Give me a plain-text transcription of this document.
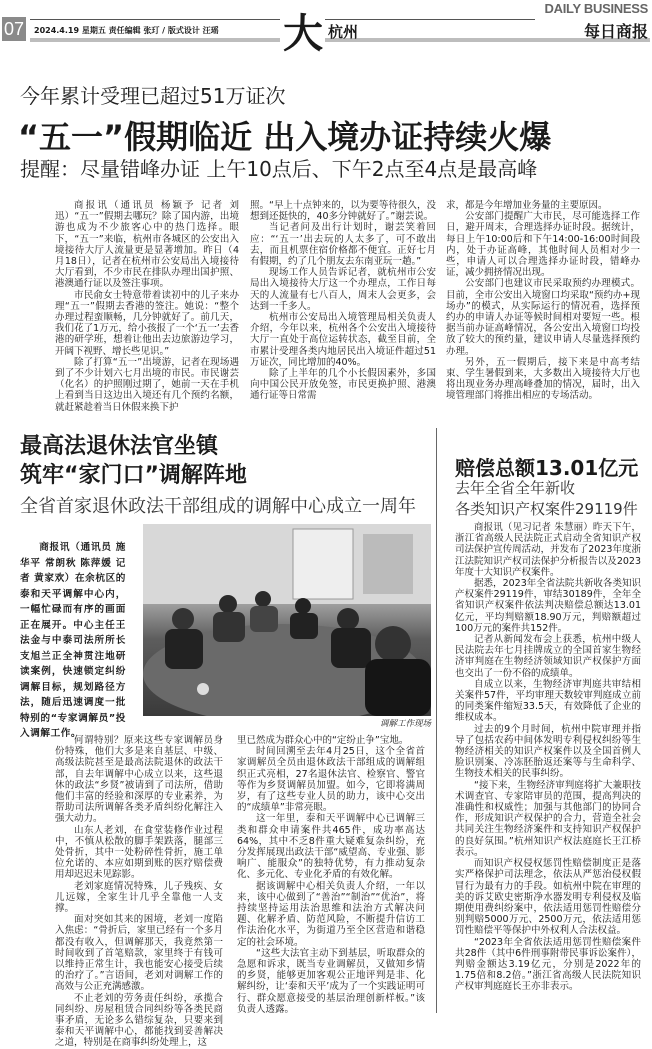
07 2024.4.19 星期五 责任编辑 张玎 / 版式设计 汪瑶 大 杭州
DAILY BUSINESS
每日商报
今年累计受理已超过51万证次
“五一”假期临近 出入境办证持续火爆
提醒：尽量错峰办证 上午10点后、下午2点至4点是最高峰

商报讯（通讯员 杨颖予 记者 刘迅）“五一”假期去哪玩？除了国内游，出境游也成为不少旅客心中的热门选择。眼下，“五一”来临，杭州市各城区的公安出入境接待大厅人流量更是显著增加。昨日（4月18日），记者在杭州市公安局出入境接待大厅看到，不少市民在排队办理出国护照、港澳通行证以及签注事项。

市民俞女士特意带着读初中的儿子来办理“五一”假期去香港的签注。她说：“整个办理过程蛮顺畅，几分钟就好了。前几天，我们花了1万元，给小孩报了一个‘五一’去香港的研学班，想着让他出去边旅游边学习，开阔下视野、增长些见识。”

除了打算“五一”出境游，记者在现场遇到了不少计划六七月出境的市民。市民谢芸（化名）的护照刚过期了，她前一天在手机上看到当日这边出入境还有几个预约名额，就赶紧趁着当日休假来换下护

照。“早上十点钟来的，以为要等待很久，没想到还挺快的，40多分钟就好了。”谢芸说。

当记者问及出行计划时，谢芸笑着回应：“‘五一’出去玩的人太多了，可不敢出去，而且机票住宿价格都不便宜。正好七月有假期，约了几个朋友去东南亚玩一趟。”

现场工作人员告诉记者，就杭州市公安局出入境接待大厅这一个办理点，工作日每天的人流量有七八百人，周末人会更多，会达到一千多人。

杭州市公安局出入境管理局相关负责人介绍，今年以来，杭州各个公安出入境接待大厅一直处于高位运转状态，截至目前，全市累计受理各类内地居民出入境证件超过51万证次，同比增加的40%。

除了上半年的几个小长假因素外，多国向中国公民开放免签，市民更换护照、港澳通行证等日常需

求，都是今年增加业务量的主要原因。

公安部门提醒广大市民，尽可能选择工作日，避开周末，合理选择办证时段。据统计，每日上午10:00后和下午14:00-16:00时间段内，处于办证高峰，其他时间人员相对少一些，申请人可以合理选择办证时段，错峰办证，减少拥挤情况出现。

公安部门也建议市民采取预约办理模式。目前，全市公安出入境窗口均采取“预约办+现场办”的模式，从实际运行的情况看，选择预约办的申请人办证等候时间相对要短一些。根据当前办证高峰情况，各公安出入境窗口均投放了较大的预约量，建议申请人尽量选择预约办理。

另外，五一假期后，接下来是中高考结束、学生暑假到来，大多数出入境接待大厅也将出现业务办理高峰叠加的情况，届时，出入境管理部门将推出相应的专场活动。

最高法退休法官坐镇
筑牢“家门口”调解阵地
全省首家退休政法干部组成的调解中心成立一周年

商报讯（通讯员 施华平 常朗秋 陈萍媛 记者 黄家欢）在余杭区的泰和天平调解中心内，一幅忙碌而有序的画面正在展开。中心主任王法金与中泰司法所所长支旭兰正全神贯注地研读案例，快速锁定纠纷调解目标，规划路径方法，随后迅速调度一批特别的“专家调解员”投入调解工作。

调解工作现场

何谓特别？原来这些专家调解员身份特殊，他们大多是来自基层、中级、高级法院甚至是最高法院退休的政法干部，自去年调解中心成立以来，这些退休的政法“乡贤”被请到了司法所，借助他们丰富的经验和深厚的专业素养，为帮助司法所调解各类矛盾纠纷化解注入强大动力。

山东人老刘，在食堂装修作业过程中，不慎从松散的脚手架跌落，腿部三处骨折，其中一处粉碎性骨折，施工单位允诺的、本应如期到账的医疗赔偿费用却迟迟未见踪影。

老刘家庭情况特殊，儿子残疾、女儿远嫁，全家生计几乎全靠他一人支撑。

面对突如其来的困境，老刘一度陷入焦虑：“骨折后，家里已经有一个多月都没有收入，但调解那天，我竟然第一时间收到了首笔赔款，家里终于有钱可以维持正常生计，我也能安心接受后续的治疗了。”言语间，老刘对调解工作的高效与公正充满感激。

不止老刘的劳务责任纠纷，承揽合同纠纷、房屋租赁合同纠纷等各类民商事矛盾，无论多么错综复杂，只要来到泰和天平调解中心，都能找到妥善解决之道，特别是在商事纠纷处理上，这

里已然成为群众心中的“定纷止争”宝地。

时间回溯至去年4月25日，这个全省首家调解员全员由退休政法干部组成的调解组织正式亮相，27名退休法官、检察官、警官等作为乡贤调解员加盟。如今，它即将满周岁，有了这些专业人员的助力，该中心交出的“成绩单”非常亮眼。

这一年里，泰和天平调解中心已调解三类和群众申请案件共465件，成功率高达64%，其中不乏8件重大疑难复杂纠纷，充分发挥展现出政法干部“威望高、专业强、影响广、能服众”的独特优势，有力推动复杂化、多元化、专业化矛盾的有效化解。

据该调解中心相关负责人介绍，一年以来，该中心做到了“善治”“制治”“优治”，将持续坚持运用法治思维和法治方式解决问题、化解矛盾、防范风险，不断提升信访工作法治化水平，为街道乃至全区营造和谐稳定的社会环境。

“这些大法官主动下到基层，听取群众的急愿和诉求，既当专业调解员，又做知乡情的乡贤，能够更加客观公正地评判是非、化解纠纷，让‘泰和天平’成为了一个实践证明可行、群众愿意接受的基层治理创新样板。”该负责人透露。

赔偿总额13.01亿元
去年全省全年新收
各类知识产权案件29119件

商报讯（见习记者 朱慧丽）昨天下午，浙江省高级人民法院正式启动全省知识产权司法保护宣传周活动，并发布了2023年度浙江法院知识产权司法保护分析报告以及2023年度十大知识产权案件。

据悉，2023年全省法院共新收各类知识产权案件29119件，审结30189件，全年全省知识产权案件依法判决赔偿总额达13.01亿元，平均判赔额18.90万元，判赔额超过100万元的案件共152件。

记者从新闻发布会上获悉，杭州中级人民法院去年七月挂牌成立的全国首家生物经济审判庭在生物经济领域知识产权保护方面也交出了一份不俗的成绩单。

自成立以来，生物经济审判庭共审结相关案件57件，平均审理天数较审判庭成立前的同类案件缩短33.5天，有效降低了企业的维权成本。

过去的9个月时间，杭州中院审理并指导了包括农药中间体发明专利侵权纠纷等生物经济相关的知识产权案件以及全国首例人脸识别案、冷冻胚胎返还案等与生命科学、生物技术相关的民事纠纷。

“接下来，生物经济审判庭将扩大兼职技术调查官、专家陪审员的范围，提高判决的准确性和权威性；加强与其他部门的协同合作，形成知识产权保护的合力，营造全社会共同关注生物经济案件和支持知识产权保护的良好氛围。”杭州知识产权法庭庭长王江桥表示。

而知识产权侵权惩罚性赔偿制度正是落实严格保护司法理念，依法从严惩治侵权假冒行为最有力的手段。如杭州中院在审理的美的诉艾欧史密斯净水器发明专利侵权及临期使用费纠纷案中，依法适用惩罚性赔偿分别判赔5000万元、2500万元，依法适用惩罚性赔偿平等保护中外权利人合法权益。

“2023年全省依法适用惩罚性赔偿案件共28件（其中6件刑事附带民事诉讼案件），判赔金额达3.19亿元，分别是2022年的1.75倍和8.2倍。”浙江省高级人民法院知识产权审判庭庭长王亦非表示。
